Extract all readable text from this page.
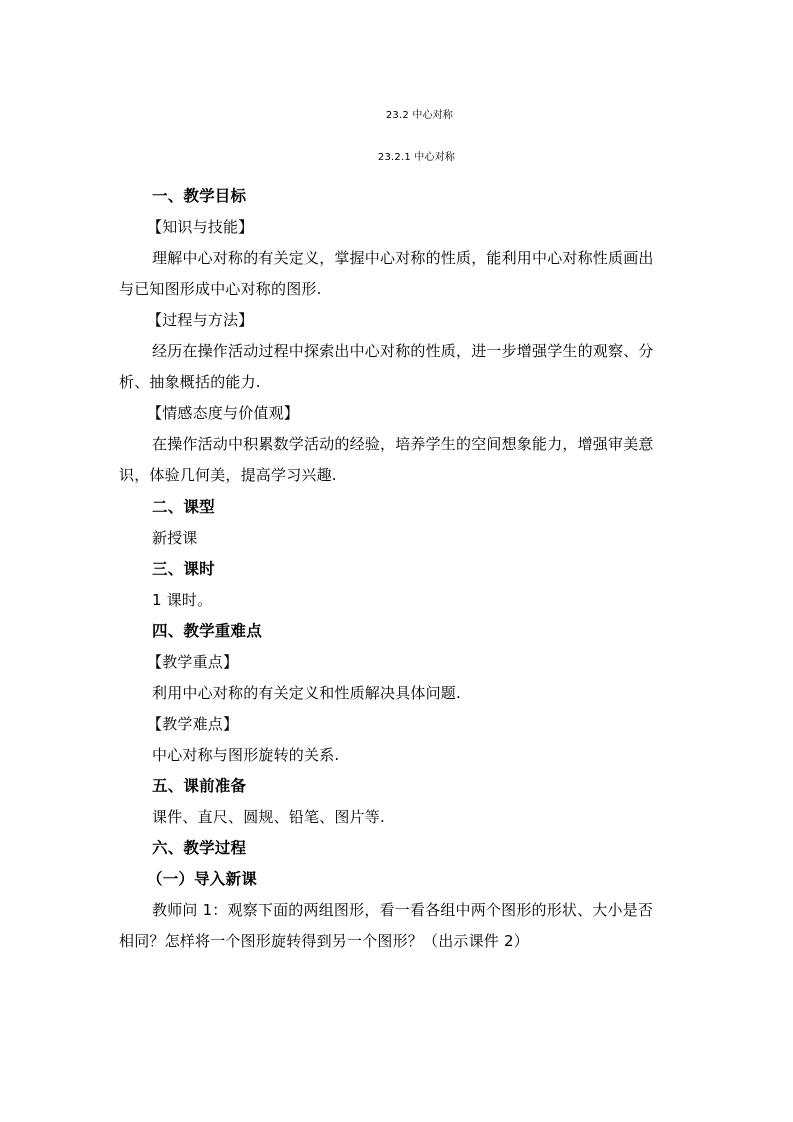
23.2 中心对称
23.2.1 中心对称
一、教学目标
【知识与技能】
理解中心对称的有关定义，掌握中心对称的性质，能利用中心对称性质画出
与已知图形成中心对称的图形.
【过程与方法】
经历在操作活动过程中探索出中心对称的性质，进一步增强学生的观察、分
析、抽象概括的能力.
【情感态度与价值观】
在操作活动中积累数学活动的经验，培养学生的空间想象能力，增强审美意
识，体验几何美，提高学习兴趣.
二、课型
新授课
三、课时
1 课时。
四、教学重难点
【教学重点】
利用中心对称的有关定义和性质解决具体问题.
【教学难点】
中心对称与图形旋转的关系.
五、课前准备
课件、直尺、圆规、铅笔、图片等.
六、教学过程
（一）导入新课
教师问 1：观察下面的两组图形，看一看各组中两个图形的形状、大小是否
相同？怎样将一个图形旋转得到另一个图形？（出示课件 2）
